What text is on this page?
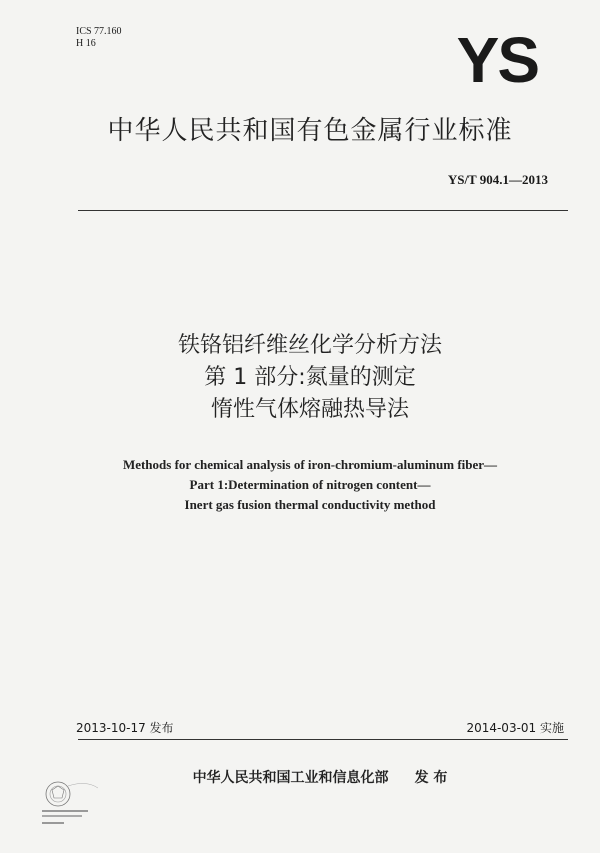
ICS 77.160
H 16	YS
中华人民共和国有色金属行业标准
YS/T 904.1—2013
铁铬铝纤维丝化学分析方法
第 1 部分:氮量的测定
惰性气体熔融热导法
Methods for chemical analysis of iron-chromium-aluminum fiber—
Part 1:Determination of nitrogen content—
Inert gas fusion thermal conductivity method
2013-10-17 发布	2014-03-01 实施
中华人民共和国工业和信息化部 发 布
